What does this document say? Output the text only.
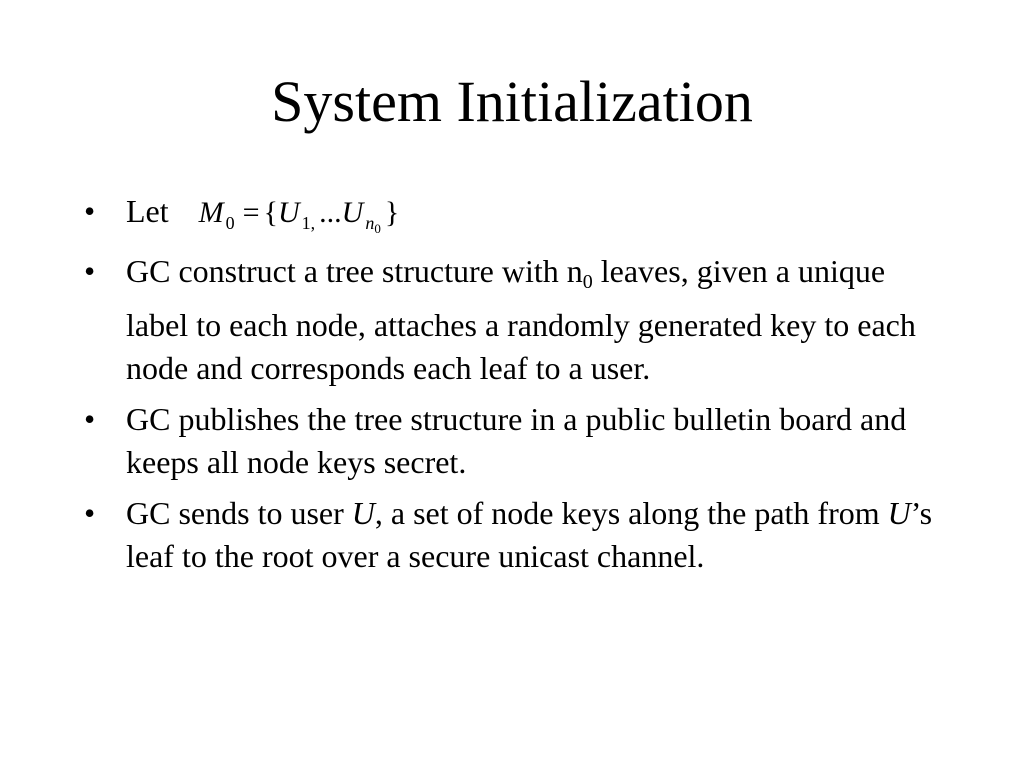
System Initialization
• Let M $_0$ = {U $_{1,}$ ...U $_{n_0}$ }
• GC construct a tree structure with n0 leaves, given a unique label to each node, attaches a randomly generated key to each node and corresponds each leaf to a user.
• GC publishes the tree structure in a public bulletin board and keeps all node keys secret.
• GC sends to user U, a set of node keys along the path from U’s leaf to the root over a secure unicast channel.
